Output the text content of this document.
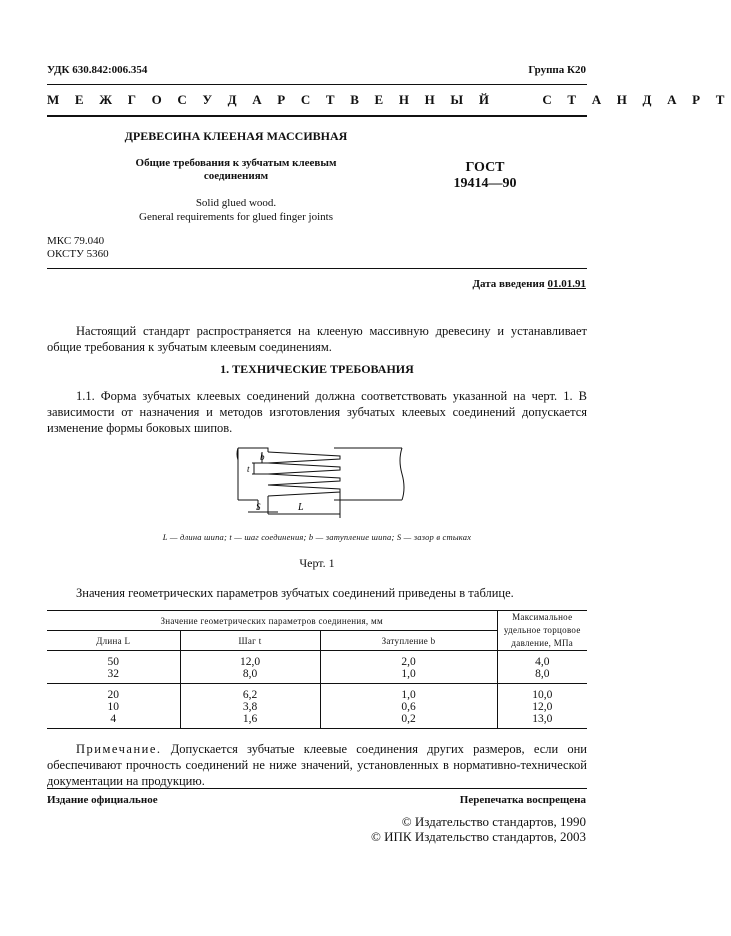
УДК 630.842:006.354	Группа К20
М Е Ж Г О С У Д А Р С Т В Е Н Н Ы Й     С Т А Н Д А Р Т
ДРЕВЕСИНА КЛЕЕНАЯ МАССИВНАЯ
Общие требования к зубчатым клеевым
соединениям
Solid glued wood.
General requirements for glued finger joints
ГОСТ
19414—90
МКС 79.040
ОКСТУ 5360
Дата введения 01.01.91
Настоящий стандарт распространяется на клееную массивную древесину и устанавливает общие требования к зубчатым клеевым соединениям.
1. ТЕХНИЧЕСКИЕ ТРЕБОВАНИЯ
1.1. Форма зубчатых клеевых соединений должна соответствовать указанной на черт. 1. В зависимости от назначения и методов изготовления зубчатых клеевых соединений допускается изменение формы боковых шипов.
b
t
S	L
L — длина шипа; t — шаг соединения; b — затупление шипа; S — зазор в стыках
Черт. 1
Значения геометрических параметров зубчатых соединений приведены в таблице.
Значение геометрических параметров соединения, мм			Максимальное удельное торцовое давление, МПа
Длина L	Шаг t	Затупление b	

50	12,0	2,0	4,0
32	8,0	1,0	8,0

20	6,2	1,0	10,0
10	3,8	0,6	12,0
4	1,6	0,2	13,0
Примечание. Допускается зубчатые клеевые соединения других размеров, если они обеспечивают прочность соединений не ниже значений, установленных в нормативно-технической документации на продукцию.
Издание официальное	Перепечатка воспрещена
© Издательство стандартов, 1990
© ИПК Издательство стандартов, 2003
